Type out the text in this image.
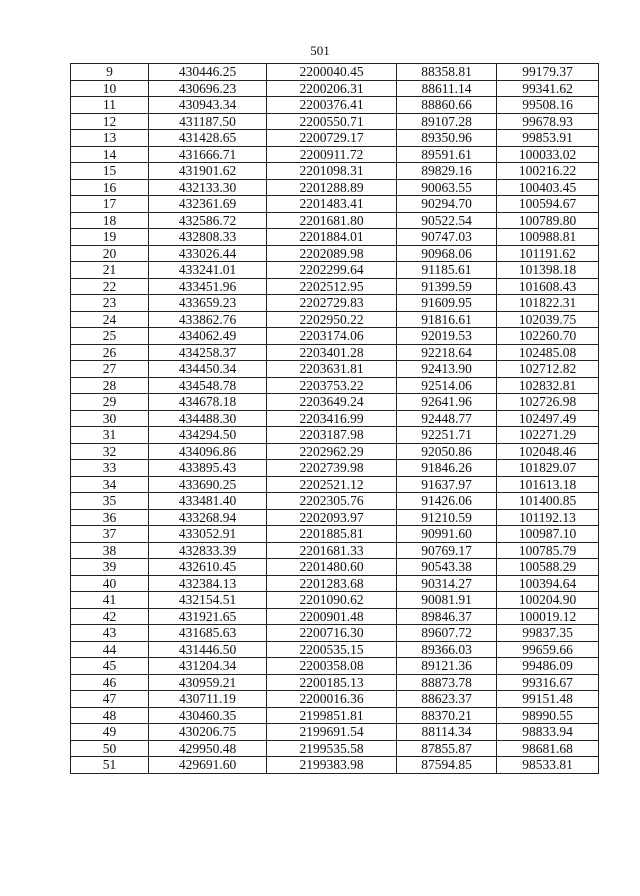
501
9	430446.25	2200040.45	88358.81	99179.37
10	430696.23	2200206.31	88611.14	99341.62
11	430943.34	2200376.41	88860.66	99508.16
12	431187.50	2200550.71	89107.28	99678.93
13	431428.65	2200729.17	89350.96	99853.91
14	431666.71	2200911.72	89591.61	100033.02
15	431901.62	2201098.31	89829.16	100216.22
16	432133.30	2201288.89	90063.55	100403.45
17	432361.69	2201483.41	90294.70	100594.67
18	432586.72	2201681.80	90522.54	100789.80
19	432808.33	2201884.01	90747.03	100988.81
20	433026.44	2202089.98	90968.06	101191.62
21	433241.01	2202299.64	91185.61	101398.18
22	433451.96	2202512.95	91399.59	101608.43
23	433659.23	2202729.83	91609.95	101822.31
24	433862.76	2202950.22	91816.61	102039.75
25	434062.49	2203174.06	92019.53	102260.70
26	434258.37	2203401.28	92218.64	102485.08
27	434450.34	2203631.81	92413.90	102712.82
28	434548.78	2203753.22	92514.06	102832.81
29	434678.18	2203649.24	92641.96	102726.98
30	434488.30	2203416.99	92448.77	102497.49
31	434294.50	2203187.98	92251.71	102271.29
32	434096.86	2202962.29	92050.86	102048.46
33	433895.43	2202739.98	91846.26	101829.07
34	433690.25	2202521.12	91637.97	101613.18
35	433481.40	2202305.76	91426.06	101400.85
36	433268.94	2202093.97	91210.59	101192.13
37	433052.91	2201885.81	90991.60	100987.10
38	432833.39	2201681.33	90769.17	100785.79
39	432610.45	2201480.60	90543.38	100588.29
40	432384.13	2201283.68	90314.27	100394.64
41	432154.51	2201090.62	90081.91	100204.90
42	431921.65	2200901.48	89846.37	100019.12
43	431685.63	2200716.30	89607.72	99837.35
44	431446.50	2200535.15	89366.03	99659.66
45	431204.34	2200358.08	89121.36	99486.09
46	430959.21	2200185.13	88873.78	99316.67
47	430711.19	2200016.36	88623.37	99151.48
48	430460.35	2199851.81	88370.21	98990.55
49	430206.75	2199691.54	88114.34	98833.94
50	429950.48	2199535.58	87855.87	98681.68
51	429691.60	2199383.98	87594.85	98533.81
